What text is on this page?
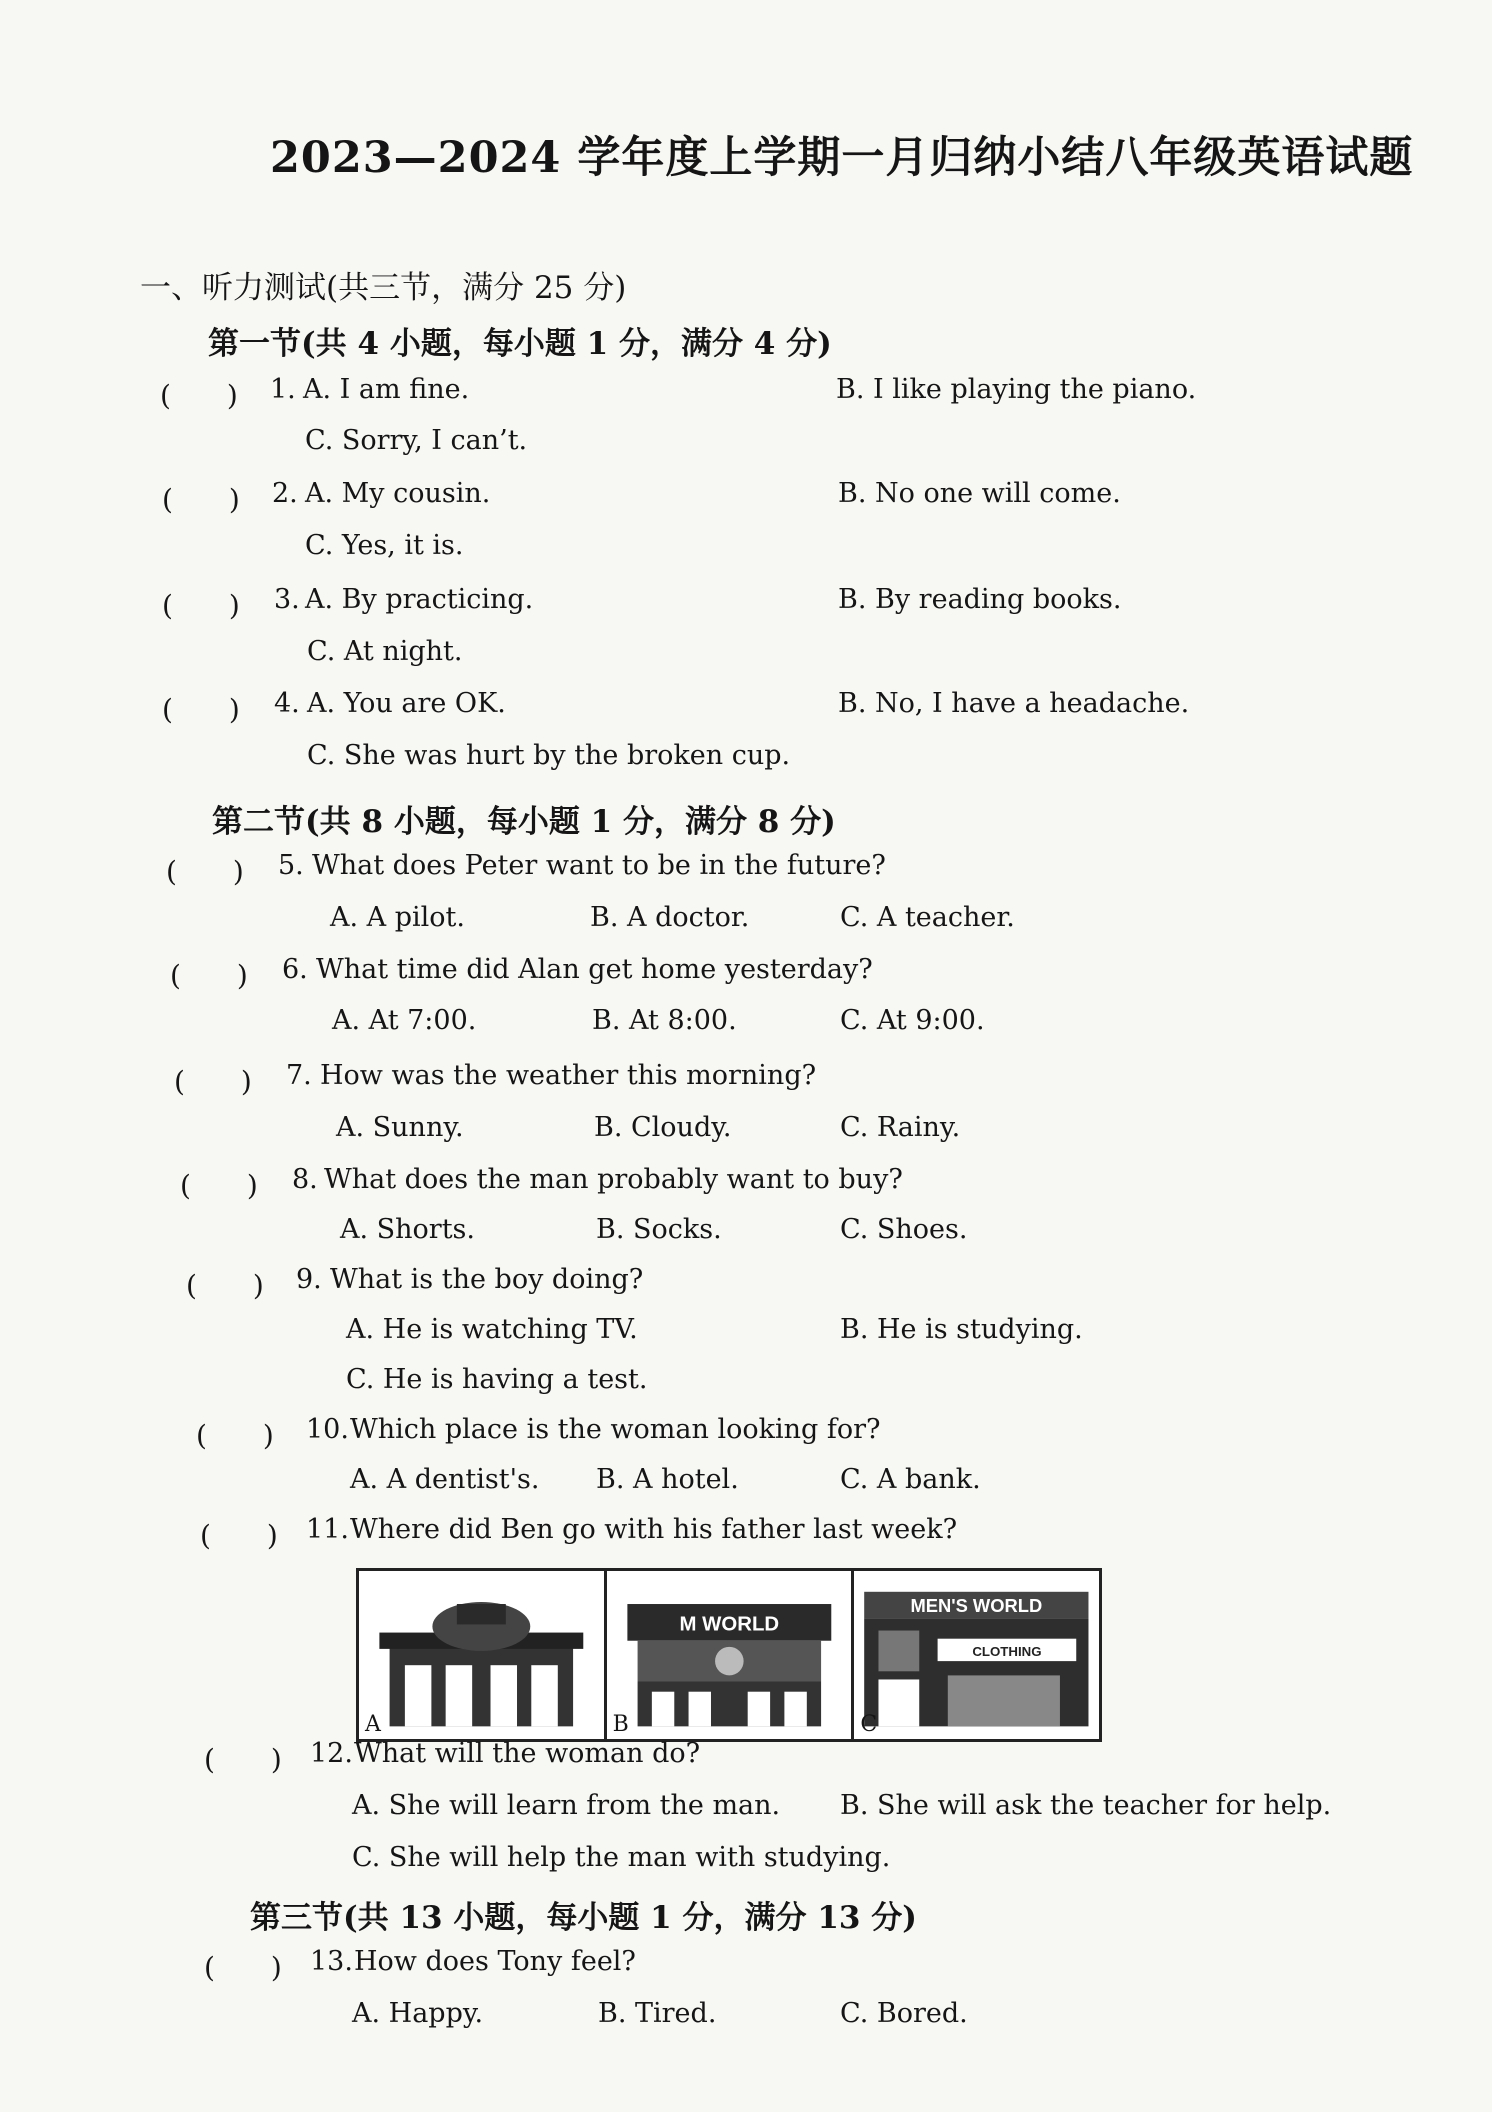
2023—2024 学年度上学期一月归纳小结八年级英语试题
一、听力测试(共三节，满分 25 分)
第一节(共 4 小题，每小题 1 分，满分 4 分)
(　　) 1. A. I am fine.	B. I like playing the piano.
C. Sorry, I can’t.
(　　) 2. A. My cousin.	B. No one will come.
C. Yes, it is.
(　　) 3. A. By practicing.	B. By reading books.
C. At night.
(　　) 4. A. You are OK.	B. No, I have a headache.
C. She was hurt by the broken cup.
第二节(共 8 小题，每小题 1 分，满分 8 分)
(　　) 5. What does Peter want to be in the future?
A. A pilot.	B. A doctor.	C. A teacher.
(　　) 6. What time did Alan get home yesterday?
A. At 7:00.	B. At 8:00.	C. At 9:00.
(　　) 7. How was the weather this morning?
A. Sunny.	B. Cloudy.	C. Rainy.
(　　) 8. What does the man probably want to buy?
A. Shorts.	B. Socks.	C. Shoes.
(　　) 9. What is the boy doing?
A. He is watching TV.	B. He is studying.
C. He is having a test.
(　　) 10. Which place is the woman looking for?
A. A dentist's. B. A hotel.	C. A bank.
(　　) 11. Where did Ben go with his father last week?
A
M WORLD
B
MEN'S WORLD
CLOTHING
C
(　　) 12. What will the woman do?
A. She will learn from the man. B. She will ask the teacher for help.
C. She will help the man with studying.
第三节(共 13 小题，每小题 1 分，满分 13 分)
(　　) 13. How does Tony feel?
A. Happy.	B. Tired.	C. Bored.
